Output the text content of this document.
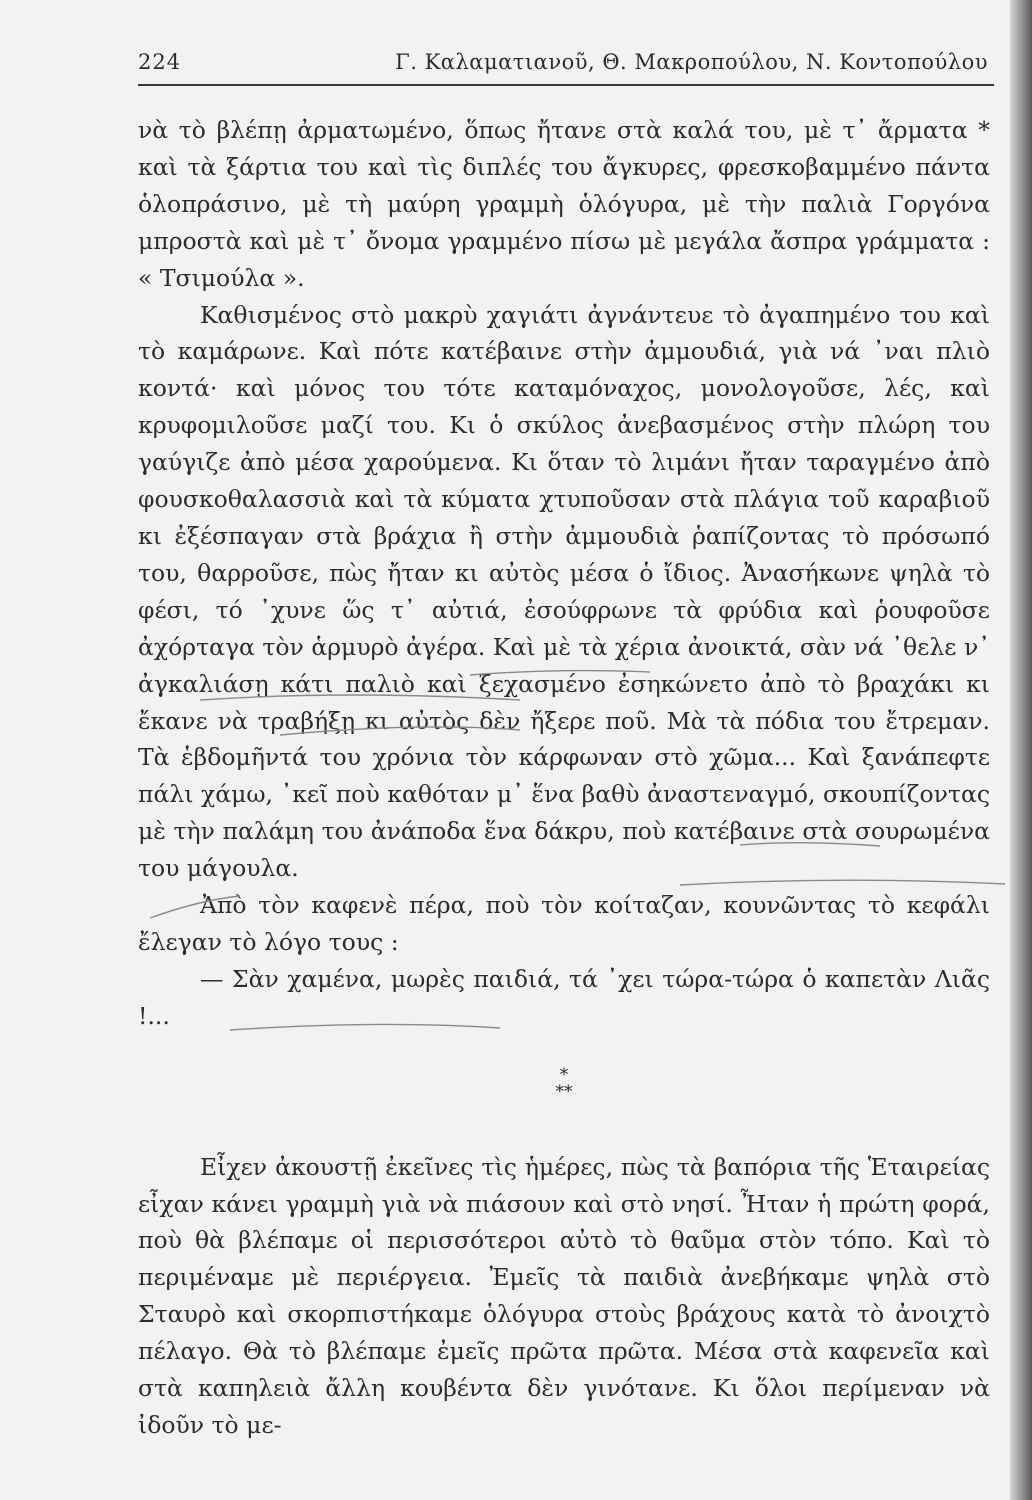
224	Γ. Καλαματιανοῦ, Θ. Μακροπούλου, Ν. Κοντοπούλου

νὰ τὸ βλέπῃ ἀρματωμένο, ὅπως ἤτανε στὰ καλά του, μὲ τ᾽ ἄρματα * καὶ τὰ ξάρτια του καὶ τὶς διπλές του ἄγκυρες, φρεσκοβαμμένο πάντα ὁλοπράσινο, μὲ τὴ μαύρη γραμμὴ ὁλόγυρα, μὲ τὴν παλιὰ Γοργόνα μπροστὰ καὶ μὲ τ᾽ ὄνομα γραμμένο πίσω μὲ μεγάλα ἄσπρα γράμματα : « Τσιμούλα ».

Καθισμένος στὸ μακρὺ χαγιάτι ἀγνάντευε τὸ ἀγαπημένο του καὶ τὸ καμάρωνε. Καὶ πότε κατέβαινε στὴν ἀμμουδιά, γιὰ νά ᾽ναι πλιὸ κοντά· καὶ μόνος του τότε καταμόναχος, μονολογοῦσε, λές, καὶ κρυφομιλοῦσε μαζί του. Κι ὁ σκύλος ἀνεβασμένος στὴν πλώρη του γαύγιζε ἀπὸ μέσα χαρούμενα. Κι ὅταν τὸ λιμάνι ἤταν ταραγμένο ἀπὸ φουσκοθαλασσιὰ καὶ τὰ κύματα χτυποῦσαν στὰ πλάγια τοῦ καραβιοῦ κι ἐξέσπαγαν στὰ βράχια ἢ στὴν ἀμμουδιὰ ῥαπίζοντας τὸ πρόσωπό του, θαρροῦσε, πὼς ἤταν κι αὐτὸς μέσα ὁ ἴδιος. Ἀνασήκωνε ψηλὰ τὸ φέσι, τό ᾽χυνε ὥς τ᾽ αὐτιά, ἐσούφρωνε τὰ φρύδια καὶ ῥουφοῦσε ἀχόρταγα τὸν ἁρμυρὸ ἀγέρα. Καὶ μὲ τὰ χέρια ἀνοικτά, σὰν νά ᾽θελε ν᾽ ἀγκαλιάσῃ κάτι παλιὸ καὶ ξεχασμένο ἐσηκώνετο ἀπὸ τὸ βραχάκι κι ἔκανε νὰ τραβήξῃ κι αὐτὸς δὲν ἤξερε ποῦ. Μὰ τὰ πόδια του ἔτρεμαν. Τὰ ἑβδομῆντά του χρόνια τὸν κάρφωναν στὸ χῶμα... Καὶ ξανάπεφτε πάλι χάμω, ᾽κεῖ ποὺ καθόταν μ᾽ ἕνα βαθὺ ἀναστεναγμό, σκουπίζοντας μὲ τὴν παλάμη του ἀνάποδα ἕνα δάκρυ, ποὺ κατέβαινε στὰ σουρωμένα του μάγουλα.

Ἀπὸ τὸν καφενὲ πέρα, ποὺ τὸν κοίταζαν, κουνῶντας τὸ κεφάλι ἔλεγαν τὸ λόγο τους :

— Σὰν χαμένα, μωρὲς παιδιά, τά ᾽χει τώρα-τώρα ὁ καπετὰν Λιᾶς !...

*
**

Εἶχεν ἀκουστῇ ἐκεῖνες τὶς ἡμέρες, πὼς τὰ βαπόρια τῆς Ἑταιρείας εἶχαν κάνει γραμμὴ γιὰ νὰ πιάσουν καὶ στὸ νησί. Ἦταν ἡ πρώτη φορά, ποὺ θὰ βλέπαμε οἱ περισσότεροι αὐτὸ τὸ θαῦμα στὸν τόπο. Καὶ τὸ περιμέναμε μὲ περιέργεια. Ἐμεῖς τὰ παιδιὰ ἀνεβήκαμε ψηλὰ στὸ Σταυρὸ καὶ σκορπιστήκαμε ὁλόγυρα στοὺς βράχους κατὰ τὸ ἀνοιχτὸ πέλαγο. Θὰ τὸ βλέπαμε ἐμεῖς πρῶτα πρῶτα. Μέσα στὰ καφενεῖα καὶ στὰ καπηλειὰ ἄλλη κουβέντα δὲν γινότανε. Κι ὅλοι περίμεναν νὰ ἰδοῦν τὸ με-
